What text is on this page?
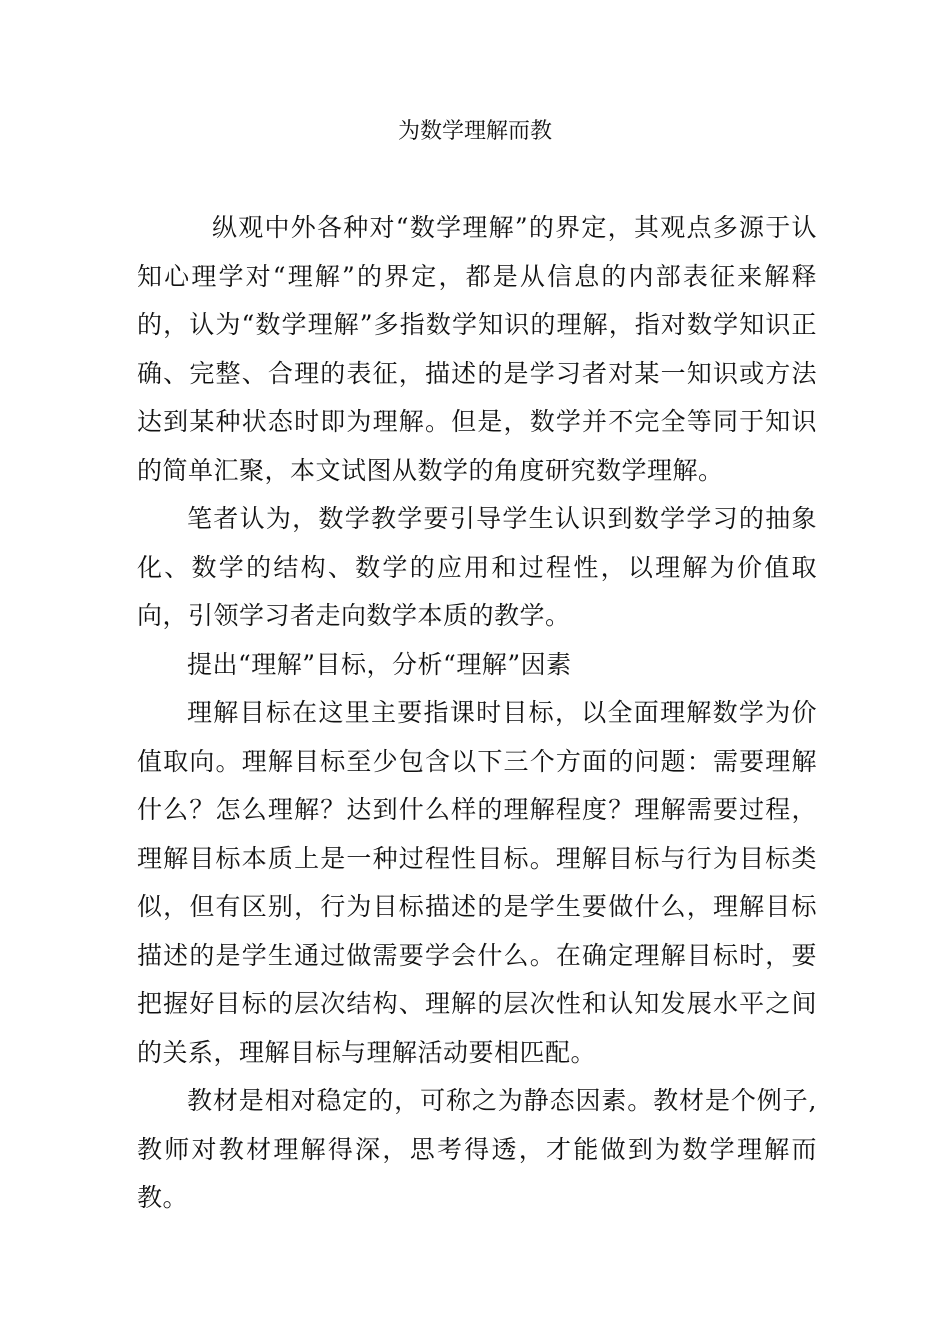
为数学理解而教

纵观中外各种对“数学理解”的界定，其观点多源于认知心理学对“理解”的界定，都是从信息的内部表征来解释的，认为“数学理解”多指数学知识的理解，指对数学知识正确、完整、合理的表征，描述的是学习者对某一知识或方法达到某种状态时即为理解。但是，数学并不完全等同于知识的简单汇聚，本文试图从数学的角度研究数学理解。

笔者认为，数学教学要引导学生认识到数学学习的抽象化、数学的结构、数学的应用和过程性，以理解为价值取向，引领学习者走向数学本质的教学。

提出“理解”目标，分析“理解”因素

理解目标在这里主要指课时目标，以全面理解数学为价值取向。理解目标至少包含以下三个方面的问题：需要理解什么？怎么理解？达到什么样的理解程度？理解需要过程，理解目标本质上是一种过程性目标。理解目标与行为目标类似，但有区别，行为目标描述的是学生要做什么，理解目标描述的是学生通过做需要学会什么。在确定理解目标时，要把握好目标的层次结构、理解的层次性和认知发展水平之间的关系，理解目标与理解活动要相匹配。

教材是相对稳定的，可称之为静态因素。教材是个例子,教师对教材理解得深，思考得透，才能做到为数学理解而教。
